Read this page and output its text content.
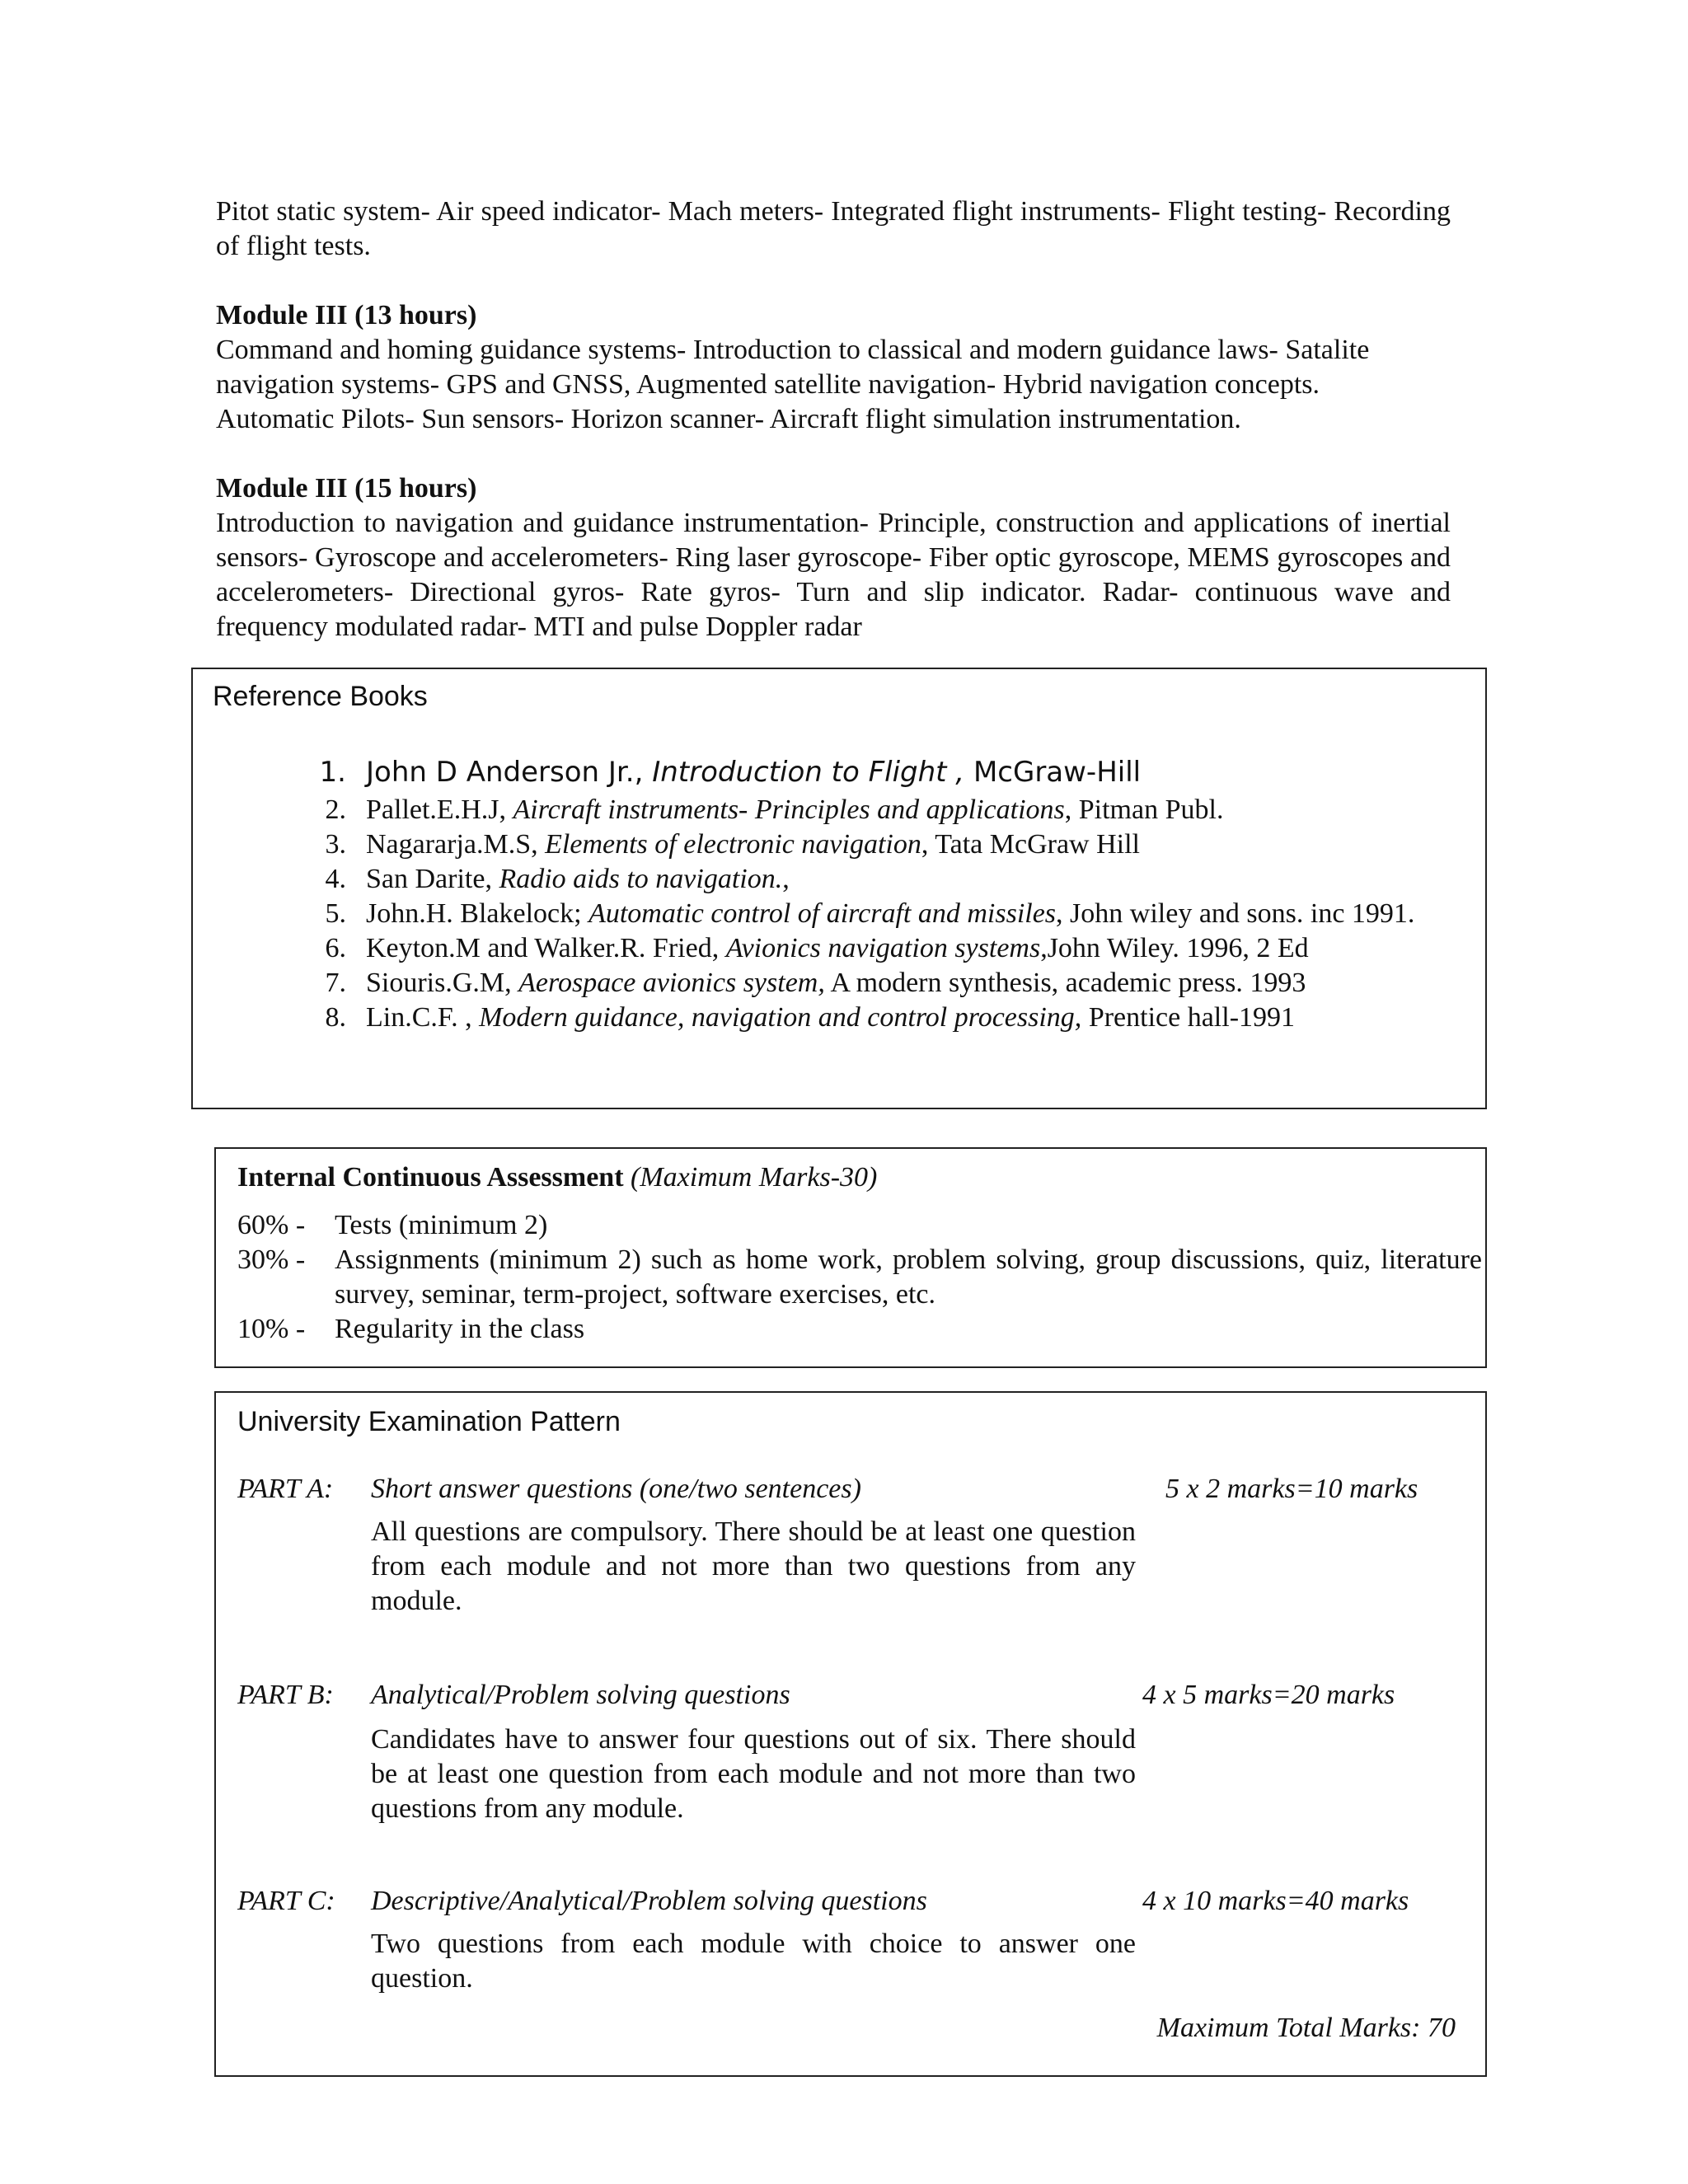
Pitot static system- Air speed indicator- Mach meters- Integrated flight instruments- Flight testing- Recording of flight tests.

Module III (13 hours)

Command and homing guidance systems- Introduction to classical and modern guidance laws- Satalite
navigation systems- GPS and GNSS, Augmented satellite navigation- Hybrid navigation concepts.
Automatic Pilots- Sun sensors- Horizon scanner- Aircraft flight simulation instrumentation.

Module III (15 hours)

Introduction to navigation and guidance instrumentation- Principle, construction and applications of inertial sensors- Gyroscope and accelerometers- Ring laser gyroscope- Fiber optic gyroscope, MEMS gyroscopes and accelerometers- Directional gyros- Rate gyros- Turn and slip indicator. Radar- continuous wave and frequency modulated radar- MTI and pulse Doppler radar

Reference Books
1. John D Anderson Jr., Introduction to Flight , McGraw-Hill
2. Pallet.E.H.J, Aircraft instruments- Principles and applications, Pitman Publ.
3. Nagararja.M.S, Elements of electronic navigation, Tata McGraw Hill
4. San Darite, Radio aids to navigation.,
5. John.H. Blakelock; Automatic control of aircraft and missiles, John wiley and sons. inc 1991.
6. Keyton.M and Walker.R. Fried, Avionics navigation systems,John Wiley. 1996, 2 Ed
7. Siouris.G.M, Aerospace avionics system, A modern synthesis, academic press. 1993
8. Lin.C.F. , Modern guidance, navigation and control processing, Prentice hall-1991
Internal Continuous Assessment (Maximum Marks-30)
60% - Tests (minimum 2)
30% - Assignments (minimum 2) such as home work, problem solving, group discussions, quiz, literature survey, seminar, term-project, software exercises, etc.
10% - Regularity in the class
University Examination Pattern
PART A: Short answer questions (one/two sentences)	5 x 2 marks=10 marks
All questions are compulsory. There should be at least one question from each module and not more than two questions from any module.
PART B: Analytical/Problem solving questions	4 x 5 marks=20 marks
Candidates have to answer four questions out of six. There should be at least one question from each module and not more than two questions from any module.
PART C: Descriptive/Analytical/Problem solving questions	4 x 10 marks=40 marks
Two questions from each module with choice to answer one question.
Maximum Total Marks: 70
